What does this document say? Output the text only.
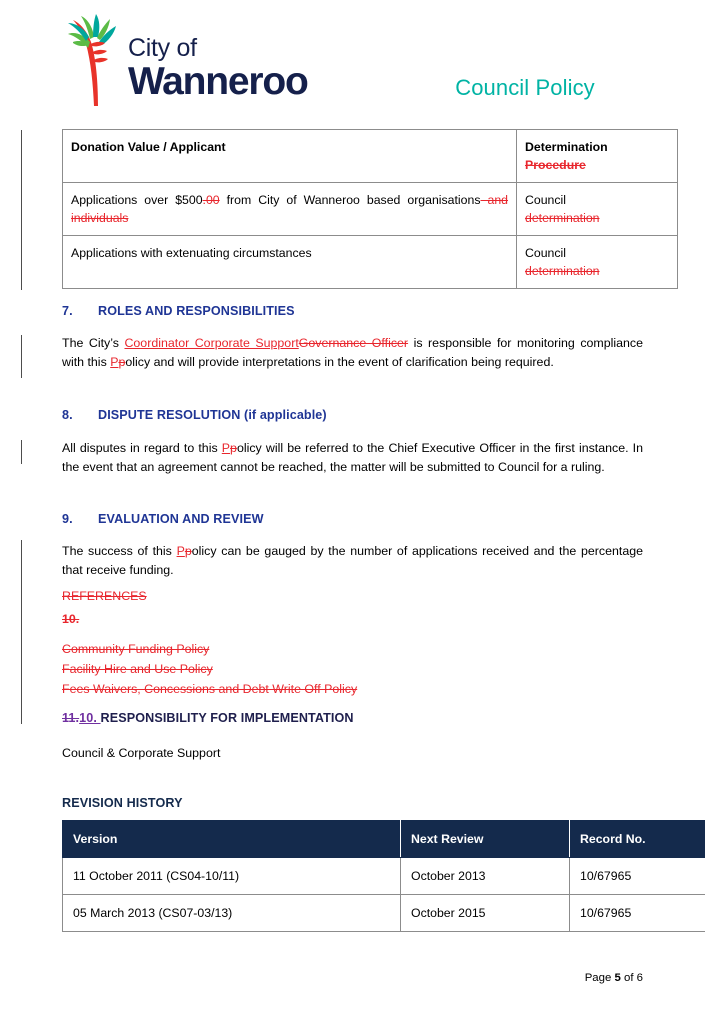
City of
Wanneroo	Council Policy
Donation Value / Applicant	Determination
Procedure
Applications over $500.00 from City of Wanneroo based organisations and individuals	Council
determination
Applications with extenuating circumstances	Council
determination
7. ROLES AND RESPONSIBILITIES
The City’s Coordinator Corporate SupportGovernance Officer is responsible for monitoring compliance with this Ppolicy and will provide interpretations in the event of clarification being required.
8. DISPUTE RESOLUTION (if applicable)
All disputes in regard to this Ppolicy will be referred to the Chief Executive Officer in the first instance. In the event that an agreement cannot be reached, the matter will be submitted to Council for a ruling.
9. EVALUATION AND REVIEW
The success of this Ppolicy can be gauged by the number of applications received and the percentage that receive funding.
REFERENCES
10.
Community Funding Policy
Facility Hire and Use Policy
Fees Waivers, Concessions and Debt Write Off Policy
11.10. RESPONSIBILITY FOR IMPLEMENTATION
Council & Corporate Support
REVISION HISTORY
Version	Next Review	Record No.
11 October 2011 (CS04-10/11)	October 2013	10/67965
05 March 2013 (CS07-03/13)	October 2015	10/67965
Page 5 of 6
